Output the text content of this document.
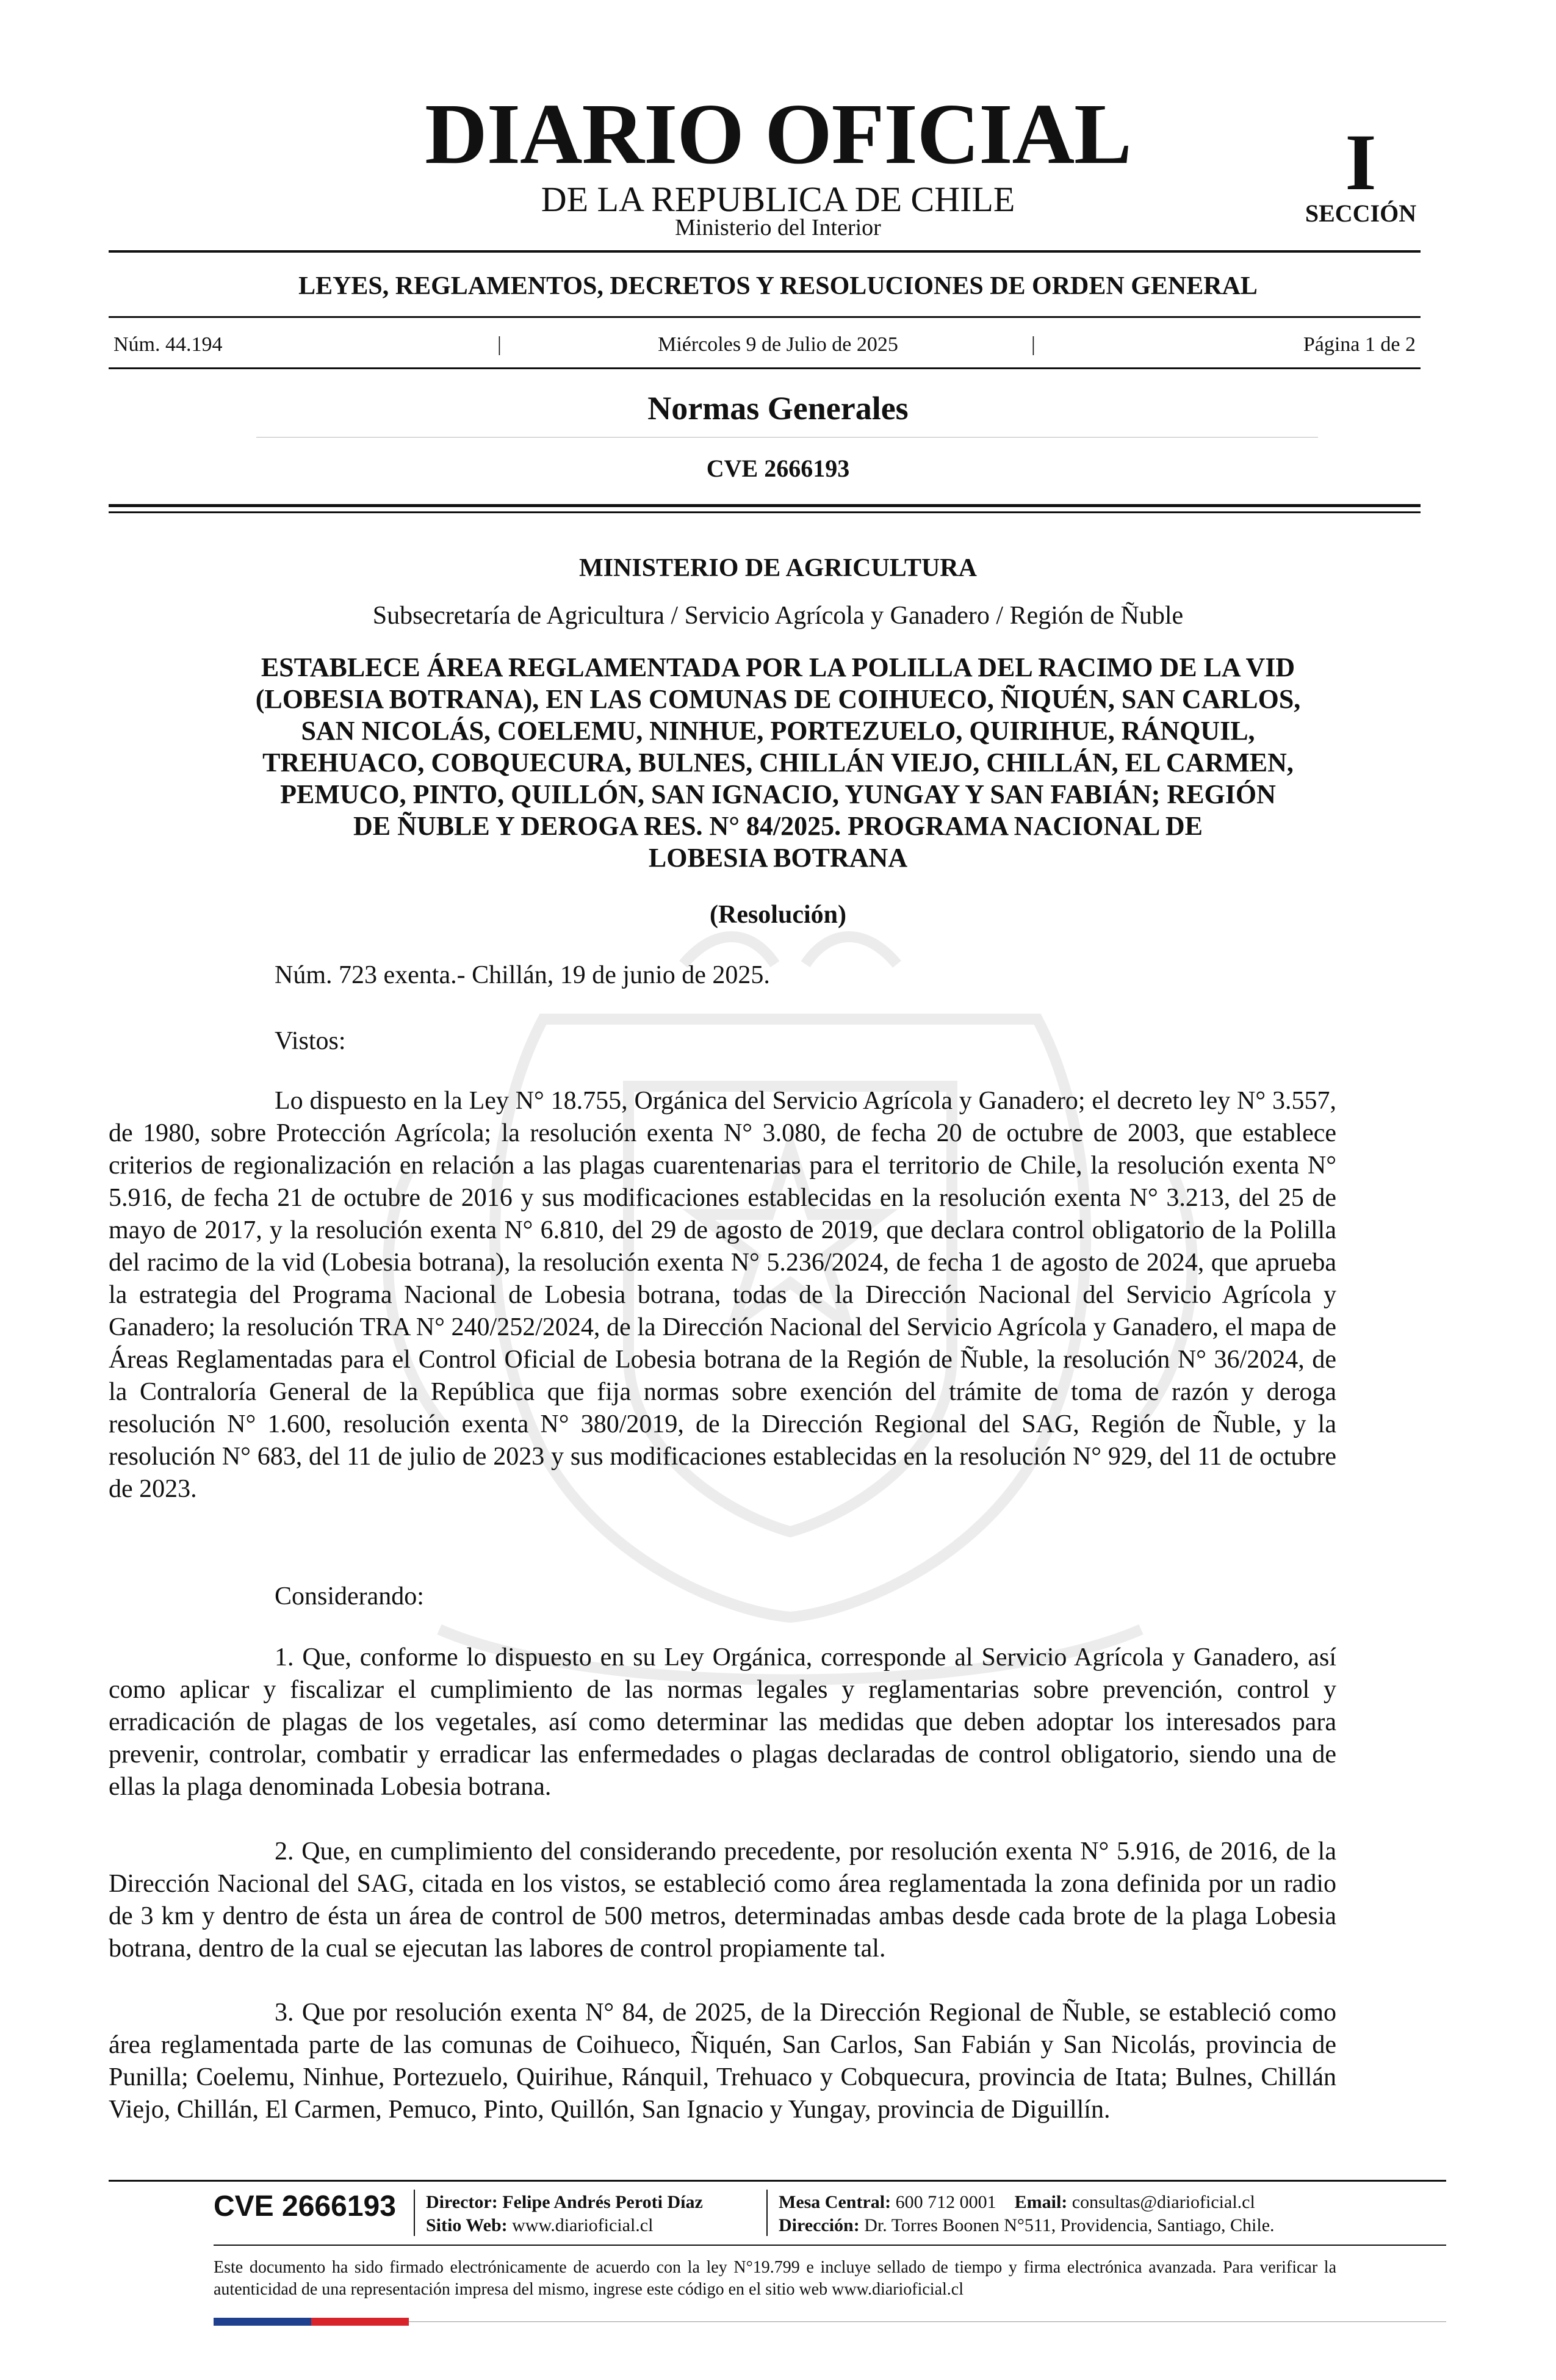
DIARIO OFICIAL
DE LA REPUBLICA DE CHILE
Ministerio del Interior
I
SECCIÓN
LEYES, REGLAMENTOS, DECRETOS Y RESOLUCIONES DE ORDEN GENERAL
Núm. 44.194	|	Miércoles 9 de Julio de 2025	|	Página 1 de 2
Normas Generales
CVE 2666193
MINISTERIO DE AGRICULTURA
Subsecretaría de Agricultura / Servicio Agrícola y Ganadero / Región de Ñuble
ESTABLECE ÁREA REGLAMENTADA POR LA POLILLA DEL RACIMO DE LA VID
(LOBESIA BOTRANA), EN LAS COMUNAS DE COIHUECO, ÑIQUÉN, SAN CARLOS,
SAN NICOLÁS, COELEMU, NINHUE, PORTEZUELO, QUIRIHUE, RÁNQUIL,
TREHUACO, COBQUECURA, BULNES, CHILLÁN VIEJO, CHILLÁN, EL CARMEN,
PEMUCO, PINTO, QUILLÓN, SAN IGNACIO, YUNGAY Y SAN FABIÁN; REGIÓN
DE ÑUBLE Y DEROGA RES. N° 84/2025. PROGRAMA NACIONAL DE
LOBESIA BOTRANA
(Resolución)
Núm. 723 exenta.- Chillán, 19 de junio de 2025.
Vistos:
Lo dispuesto en la Ley N° 18.755, Orgánica del Servicio Agrícola y Ganadero; el decreto ley N° 3.557, de 1980, sobre Protección Agrícola; la resolución exenta N° 3.080, de fecha 20 de octubre de 2003, que establece criterios de regionalización en relación a las plagas cuarentenarias para el territorio de Chile, la resolución exenta N° 5.916, de fecha 21 de octubre de 2016 y sus modificaciones establecidas en la resolución exenta N° 3.213, del 25 de mayo de 2017, y la resolución exenta N° 6.810, del 29 de agosto de 2019, que declara control obligatorio de la Polilla del racimo de la vid (Lobesia botrana), la resolución exenta N° 5.236/2024, de fecha 1 de agosto de 2024, que aprueba la estrategia del Programa Nacional de Lobesia botrana, todas de la Dirección Nacional del Servicio Agrícola y Ganadero; la resolución TRA N° 240/252/2024, de la Dirección Nacional del Servicio Agrícola y Ganadero, el mapa de Áreas Reglamentadas para el Control Oficial de Lobesia botrana de la Región de Ñuble, la resolución N° 36/2024, de la Contraloría General de la República que fija normas sobre exención del trámite de toma de razón y deroga resolución N° 1.600, resolución exenta N° 380/2019, de la Dirección Regional del SAG, Región de Ñuble, y la resolución N° 683, del 11 de julio de 2023 y sus modificaciones establecidas en la resolución N° 929, del 11 de octubre de 2023.
Considerando:
1. Que, conforme lo dispuesto en su Ley Orgánica, corresponde al Servicio Agrícola y Ganadero, así como aplicar y fiscalizar el cumplimiento de las normas legales y reglamentarias sobre prevención, control y erradicación de plagas de los vegetales, así como determinar las medidas que deben adoptar los interesados para prevenir, controlar, combatir y erradicar las enfermedades o plagas declaradas de control obligatorio, siendo una de ellas la plaga denominada Lobesia botrana.
2. Que, en cumplimiento del considerando precedente, por resolución exenta N° 5.916, de 2016, de la Dirección Nacional del SAG, citada en los vistos, se estableció como área reglamentada la zona definida por un radio de 3 km y dentro de ésta un área de control de 500 metros, determinadas ambas desde cada brote de la plaga Lobesia botrana, dentro de la cual se ejecutan las labores de control propiamente tal.
3. Que por resolución exenta N° 84, de 2025, de la Dirección Regional de Ñuble, se estableció como área reglamentada parte de las comunas de Coihueco, Ñiquén, San Carlos, San Fabián y San Nicolás, provincia de Punilla; Coelemu, Ninhue, Portezuelo, Quirihue, Ránquil, Trehuaco y Cobquecura, provincia de Itata; Bulnes, Chillán Viejo, Chillán, El Carmen, Pemuco, Pinto, Quillón, San Ignacio y Yungay, provincia de Diguillín.
CVE 2666193 Director: Felipe Andrés Peroti Díaz
Sitio Web: www.diarioficial.cl
Mesa Central: 600 712 0001 Email: consultas@diarioficial.cl
Dirección: Dr. Torres Boonen N°511, Providencia, Santiago, Chile.
Este documento ha sido firmado electrónicamente de acuerdo con la ley N°19.799 e incluye sellado de tiempo y firma electrónica avanzada. Para verificar la autenticidad de una representación impresa del mismo, ingrese este código en el sitio web www.diarioficial.cl
